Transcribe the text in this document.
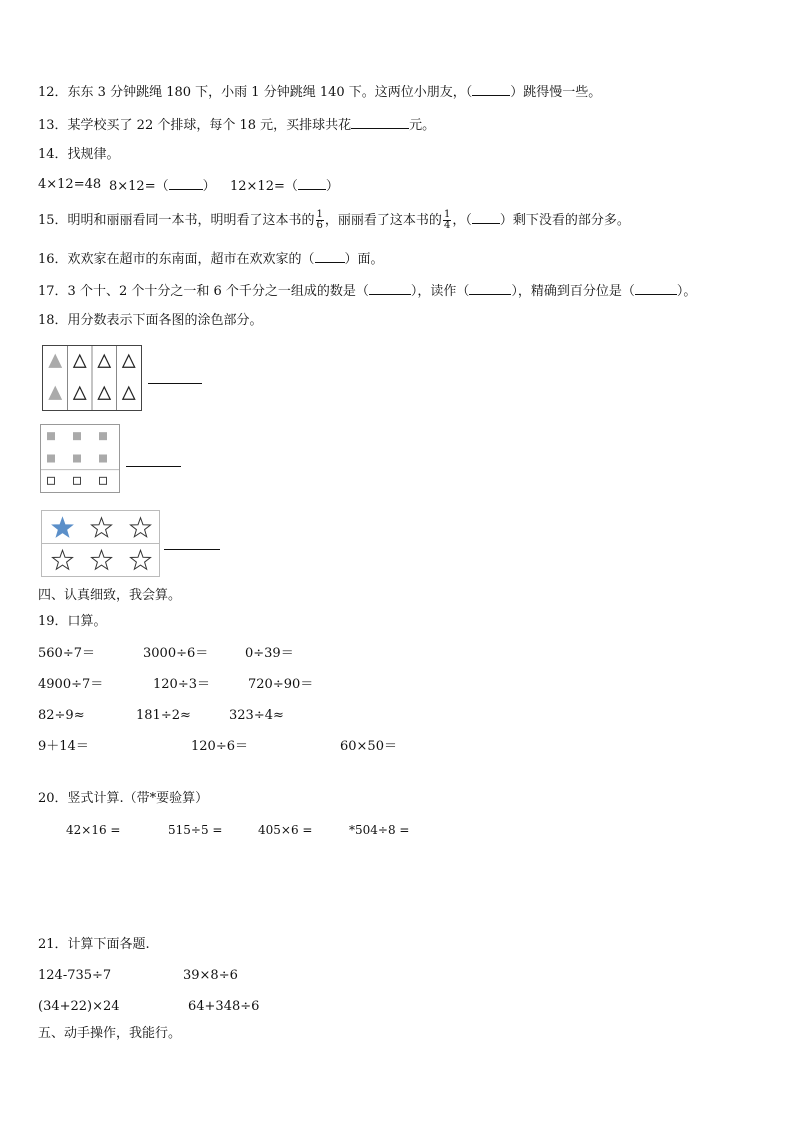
12．东东 3 分钟跳绳 180 下，小雨 1 分钟跳绳 140 下。这两位小朋友，（	）跳得慢一些。
13．某学校买了 22 个排球，每个 18 元，买排球共花	元。
14．找规律。
4×12=48 8×12=（	） 12×12=（ ）
15．明明和丽丽看同一本书，明明看了这本书的 $\frac{1}{6}$ ，丽丽看了这本书的 $\frac{1}{4}$ ，（ ）剩下没看的部分多。
16．欢欢家在超市的东南面，超市在欢欢家的（ ）面。
17．3 个十、2 个十分之一和 6 个千分之一组成的数是（	），读作（	），精确到百分位是（	）。
18．用分数表示下面各图的涂色部分。
四、认真细致，我会算。
19．口算。
560÷7＝	3000÷6＝	0÷39＝
4900÷7＝	120÷3＝	720÷90＝
82÷9≈	181÷2≈	323÷4≈
9＋14＝	120÷6＝	60×50＝
20．竖式计算.（带*要验算）
42×16 =	515÷5 =	405×6 =	*504÷8 =
21．计算下面各题.
124-735÷7	39×8÷6
(34+22)×24	64+348÷6
五、动手操作，我能行。
